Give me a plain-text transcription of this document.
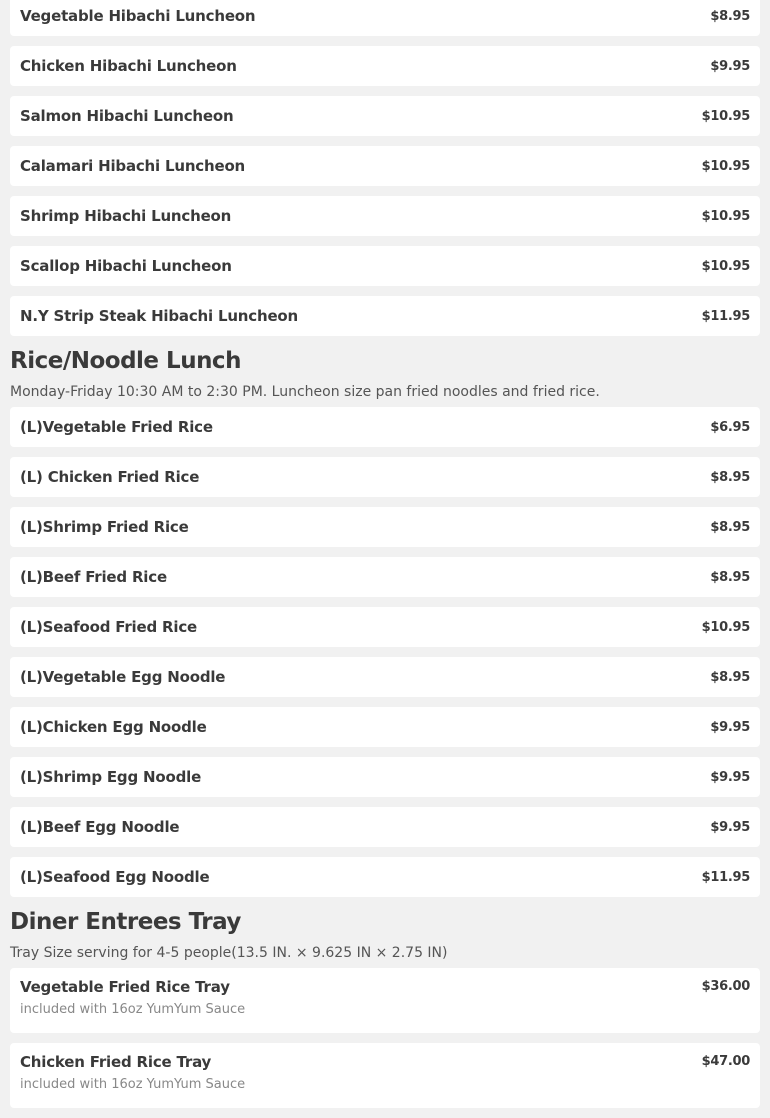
Vegetable Hibachi Luncheon	$8.95
Chicken Hibachi Luncheon	$9.95
Salmon Hibachi Luncheon	$10.95
Calamari Hibachi Luncheon	$10.95
Shrimp Hibachi Luncheon	$10.95
Scallop Hibachi Luncheon	$10.95
N.Y Strip Steak Hibachi Luncheon	$11.95
Rice/Noodle Lunch
Monday-Friday 10:30 AM to 2:30 PM. Luncheon size pan fried noodles and fried rice.
(L)Vegetable Fried Rice	$6.95
(L) Chicken Fried Rice	$8.95
(L)Shrimp Fried Rice	$8.95
(L)Beef Fried Rice	$8.95
(L)Seafood Fried Rice	$10.95
(L)Vegetable Egg Noodle	$8.95
(L)Chicken Egg Noodle	$9.95
(L)Shrimp Egg Noodle	$9.95
(L)Beef Egg Noodle	$9.95
(L)Seafood Egg Noodle	$11.95
Diner Entrees Tray
Tray Size serving for 4-5 people(13.5 IN. × 9.625 IN × 2.75 IN)
Vegetable Fried Rice Tray
included with 16oz YumYum Sauce
$36.00
Chicken Fried Rice Tray
included with 16oz YumYum Sauce
$47.00
